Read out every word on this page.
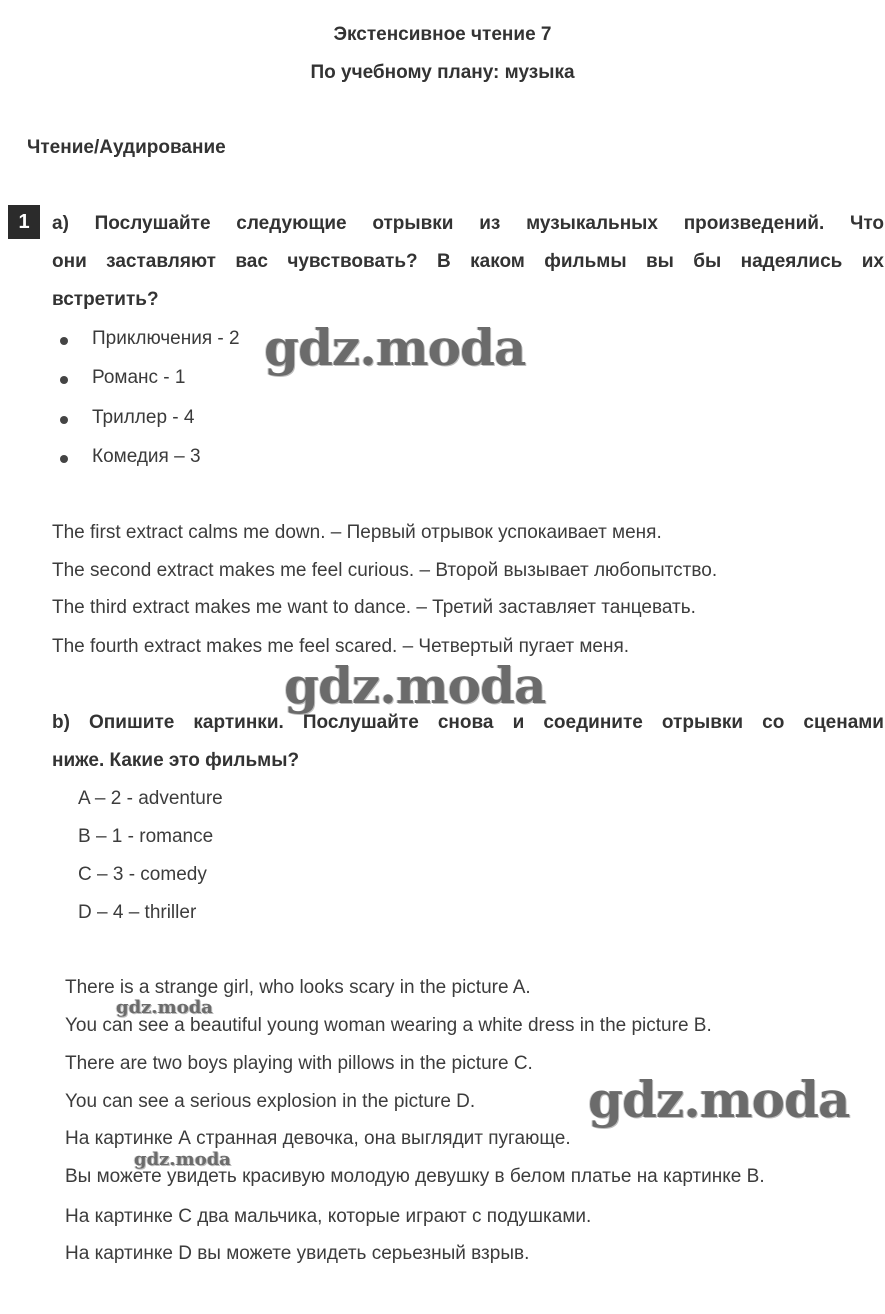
Экстенсивное чтение 7
По учебному плану: музыка
Чтение/Аудирование
1	a) Послушайте следующие отрывки из музыкальных произведений. Что
они заставляют вас чувствовать? В каком фильмы вы бы надеялись их
встретить?
Приключения - 2
Романс - 1
Триллер - 4
Комедия – 3
The first extract calms me down. – Первый отрывок успокаивает меня.
The second extract makes me feel curious. – Второй вызывает любопытство.
The third extract makes me want to dance. – Третий заставляет танцевать.
The fourth extract makes me feel scared. – Четвертый пугает меня.
b) Опишите картинки. Послушайте снова и соедините отрывки со сценами
ниже. Какие это фильмы?
A – 2 - adventure
B – 1 - romance
C – 3 - comedy
D – 4 – thriller
There is a strange girl, who looks scary in the picture A.
You can see a beautiful young woman wearing a white dress in the picture B.
There are two boys playing with pillows in the picture C.
You can see a serious explosion in the picture D.
На картинке А странная девочка, она выглядит пугающе.
Вы можете увидеть красивую молодую девушку в белом платье на картинке В.
На картинке С два мальчика, которые играют с подушками.
На картинке D вы можете увидеть серьезный взрыв.
gdz.moda
gdz.moda
gdz.moda
gdz.moda
gdz.moda
